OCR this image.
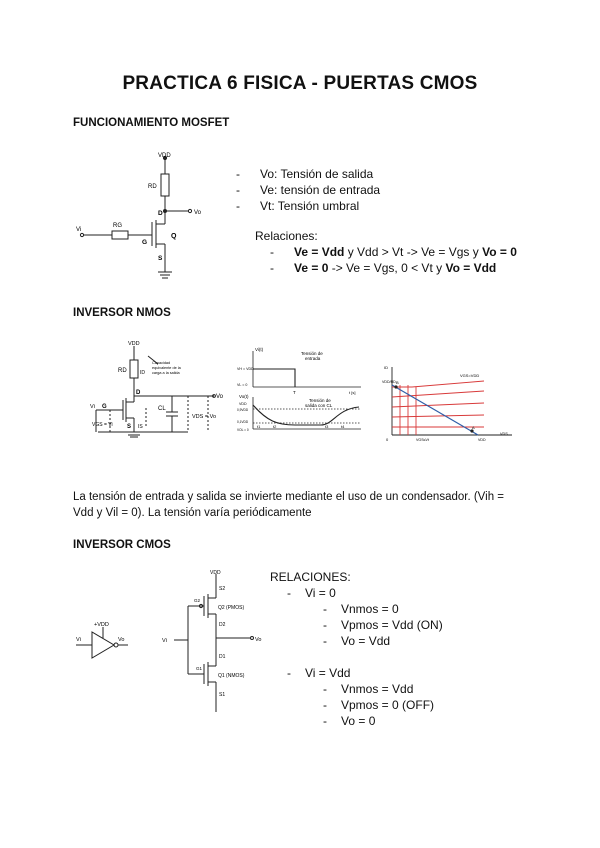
PRACTICA 6 FISICA - PUERTAS CMOS
FUNCIONAMIENTO MOSFET
VDD
RD
D	Vo
RG
Vi
G
Q
S
- Vo: Tensión de salida
- Ve: tensión de entrada
- Vt: Tensión umbral
Relaciones:
- Ve = Vdd y Vdd > Vt -> Ve = Vgs y Vo = 0
- Ve = 0 -> Ve = Vgs, 0 < Vt y Vo = Vdd
INVERSOR NMOS
VDD
RD	ID
Capacidad
equivalente de la
carga a la salida
D
Vo
CL
VDS = Vo
Vi G
VGS = Vi S IS
Vi(t)
Tensión de
entrada
VH = VDD
VL = 0
T	t [s]
Vo(t)
Tensión de
salida con CL
VDD
0,9VDD
0,1VDD
VOL = 0
t1	t2	t3	t4
ID
VDD/RD
VGS=VDD
B
A
0	VGS≤Vt	VDD
VDS
La tensión de entrada y salida se invierte mediante el uso de un condensador. (Vih = Vdd y Vil = 0). La tensión varía periódicamente
INVERSOR CMOS
+VDD
Vi	Vo
VDD
S2
Q2 (PMOS)
G2
D2
Vi	Vo
D1
G1
Q1 (NMOS)
S1
RELACIONES:
- Vi = 0
- Vnmos = 0
- Vpmos = Vdd (ON)
- Vo = Vdd
- Vi = Vdd
- Vnmos = Vdd
- Vpmos = 0 (OFF)
- Vo = 0
